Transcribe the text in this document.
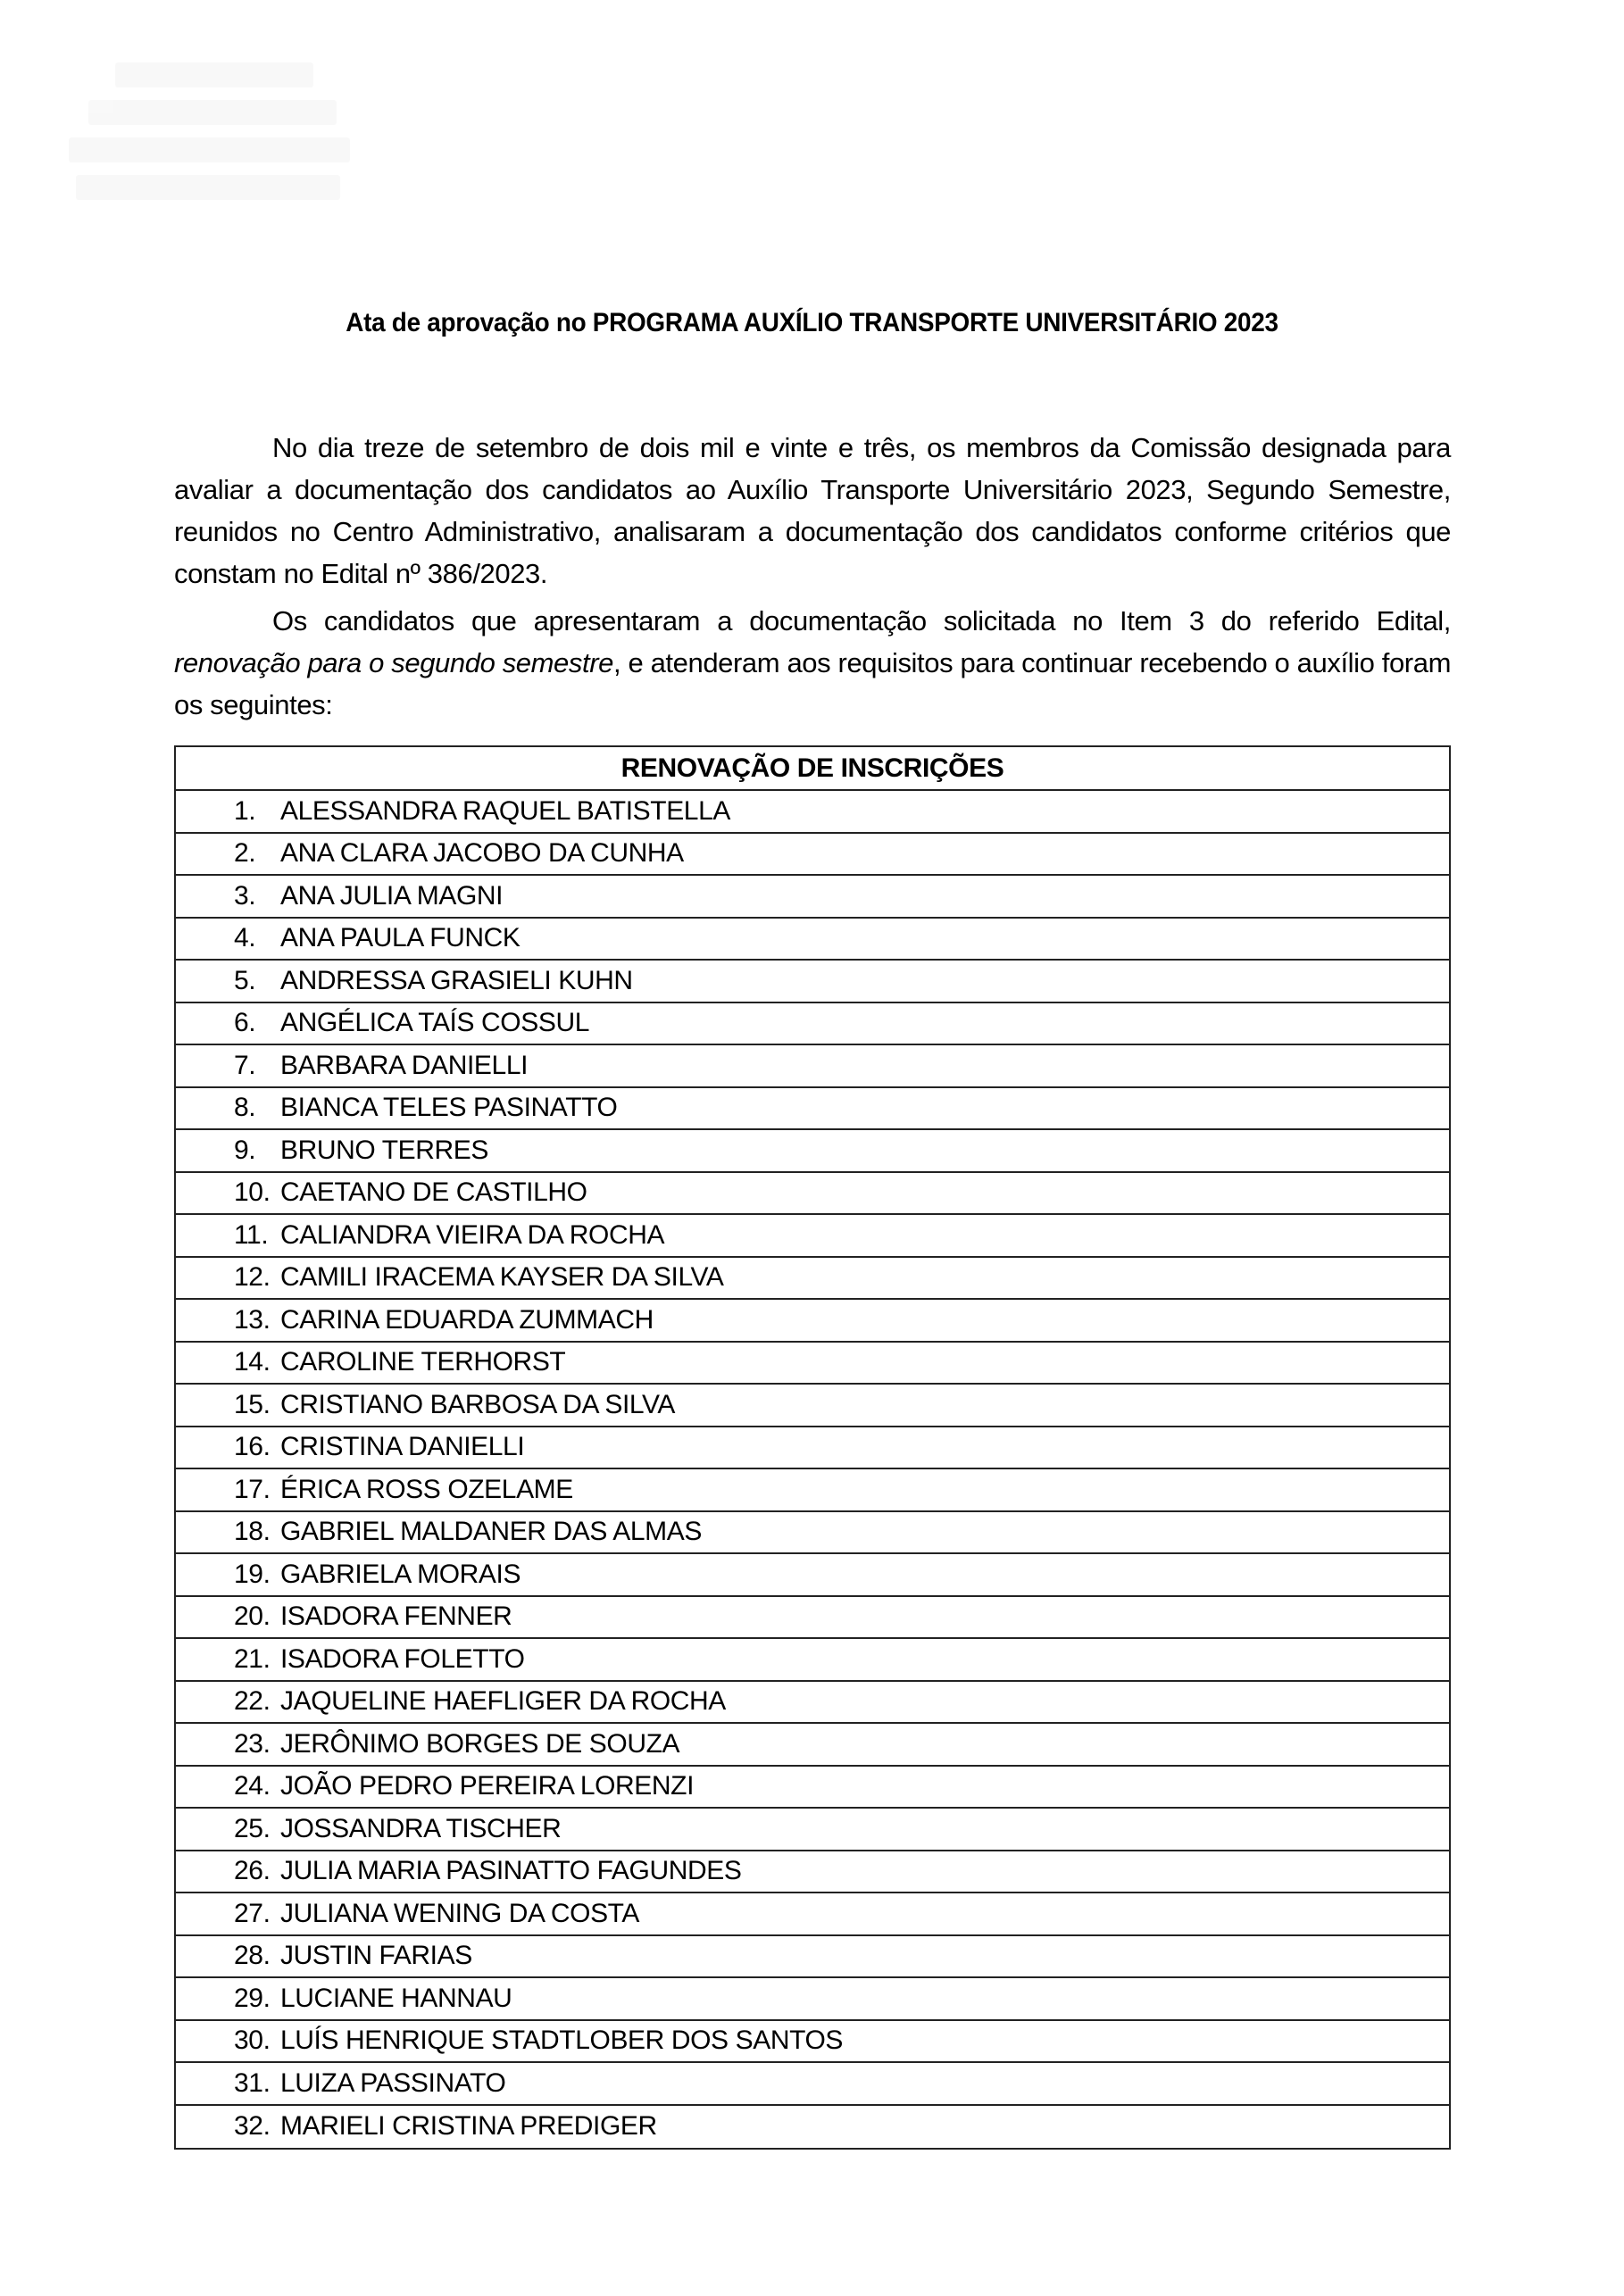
Ata de aprovação no PROGRAMA AUXÍLIO TRANSPORTE UNIVERSITÁRIO 2023
No dia treze de setembro de dois mil e vinte e três, os membros da Comissão designada para avaliar a documentação dos candidatos ao Auxílio Transporte Universitário 2023, Segundo Semestre, reunidos no Centro Administrativo, analisaram a documentação dos candidatos conforme critérios que constam no Edital nº 386/2023.
Os candidatos que apresentaram a documentação solicitada no Item 3 do referido Edital, renovação para o segundo semestre, e atenderam aos requisitos para continuar recebendo o auxílio foram os seguintes:
RENOVAÇÃO DE INSCRIÇÕES
1. ALESSANDRA RAQUEL BATISTELLA
2. ANA CLARA JACOBO DA CUNHA
3. ANA JULIA MAGNI
4. ANA PAULA FUNCK
5. ANDRESSA GRASIELI KUHN
6. ANGÉLICA TAÍS COSSUL
7. BARBARA DANIELLI
8. BIANCA TELES PASINATTO
9. BRUNO TERRES
10. CAETANO DE CASTILHO
11. CALIANDRA VIEIRA DA ROCHA
12. CAMILI IRACEMA KAYSER DA SILVA
13. CARINA EDUARDA ZUMMACH
14. CAROLINE TERHORST
15. CRISTIANO BARBOSA DA SILVA
16. CRISTINA DANIELLI
17. ÉRICA ROSS OZELAME
18. GABRIEL MALDANER DAS ALMAS
19. GABRIELA MORAIS
20. ISADORA FENNER
21. ISADORA FOLETTO
22. JAQUELINE HAEFLIGER DA ROCHA
23. JERÔNIMO BORGES DE SOUZA
24. JOÃO PEDRO PEREIRA LORENZI
25. JOSSANDRA TISCHER
26. JULIA MARIA PASINATTO FAGUNDES
27. JULIANA WENING DA COSTA
28. JUSTIN FARIAS
29. LUCIANE HANNAU
30. LUÍS HENRIQUE STADTLOBER DOS SANTOS
31. LUIZA PASSINATO
32. MARIELI CRISTINA PREDIGER
